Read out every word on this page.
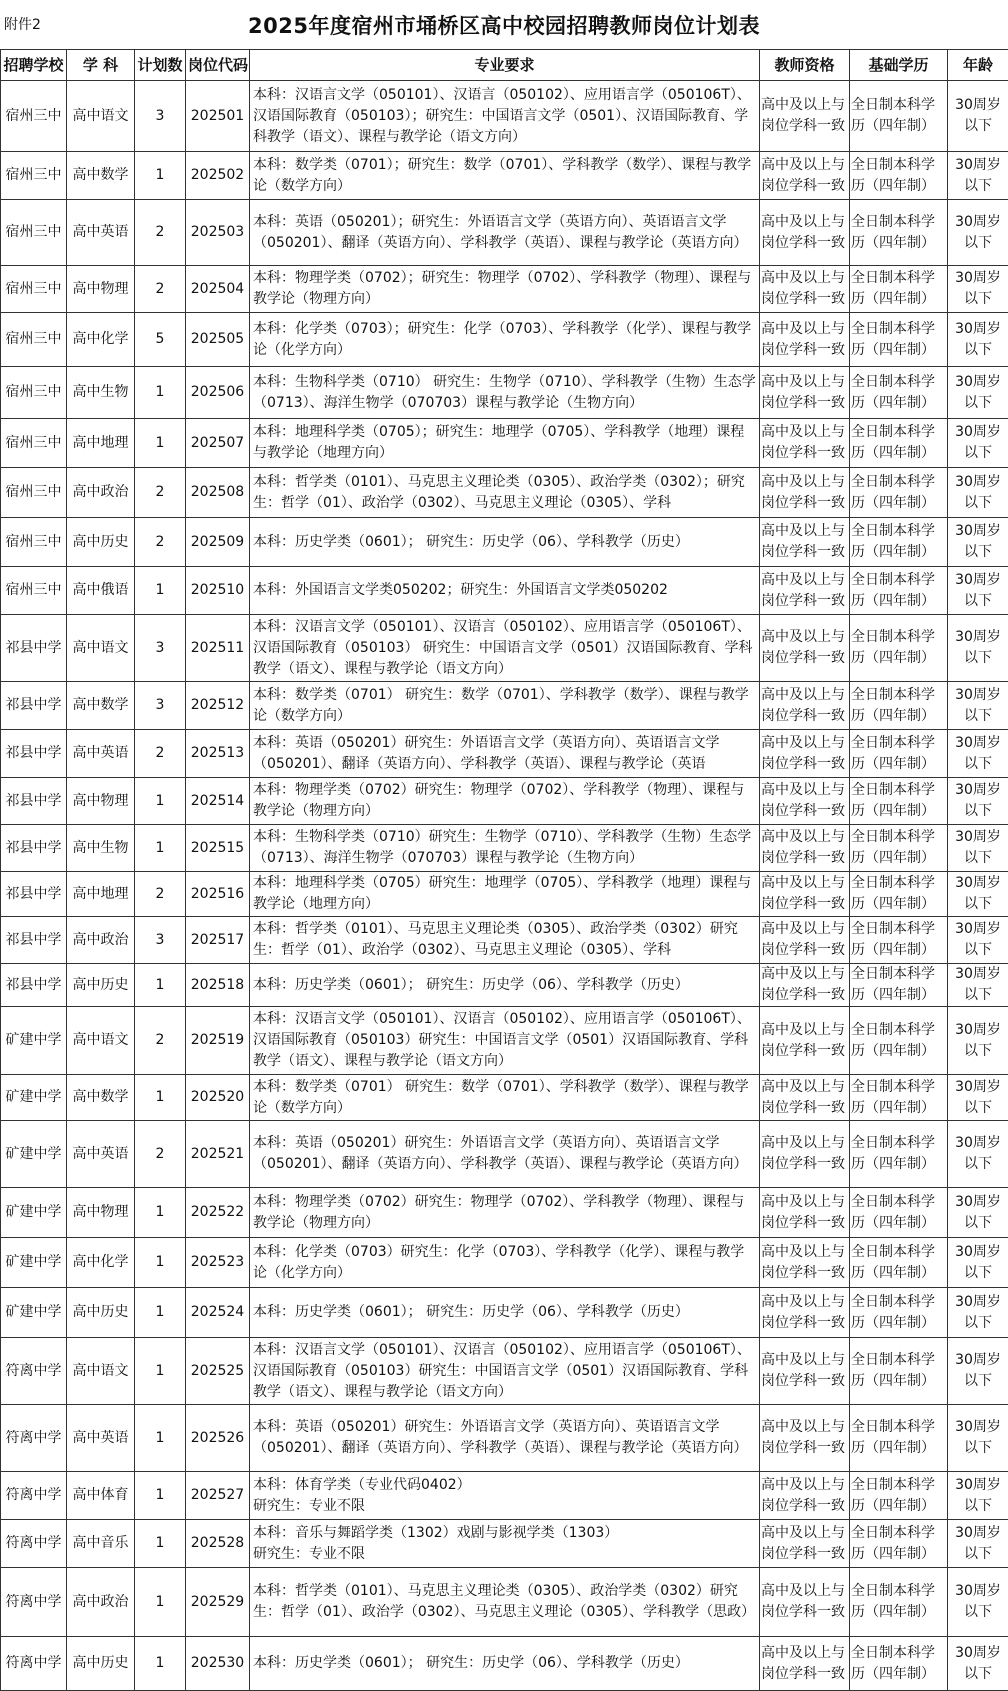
附件2	2025年度宿州市埇桥区高中校园招聘教师岗位计划表
招聘学校	学 科	计划数	岗位代码	专业要求	教师资格	基础学历	年龄
宿州三中	高中语文	3	202501	本科：汉语言文学（050101）、汉语言（050102）、应用语言学（050106T）、汉语国际教育（050103）；研究生：中国语言文学（0501）、汉语国际教育、学科教学（语文）、课程与教学论（语文方向）	高中及以上与岗位学科一致	全日制本科学历（四年制）	30周岁以下
宿州三中	高中数学	1	202502	本科：数学类（0701）；研究生：数学（0701）、学科教学（数学）、课程与教学论（数学方向）	高中及以上与岗位学科一致	全日制本科学历（四年制）	30周岁以下
宿州三中	高中英语	2	202503	本科：英语（050201）；研究生：外语语言文学（英语方向）、英语语言文学（050201）、翻译（英语方向）、学科教学（英语）、课程与教学论（英语方向）	高中及以上与岗位学科一致	全日制本科学历（四年制）	30周岁以下
宿州三中	高中物理	2	202504	本科：物理学类（0702）；研究生：物理学（0702）、学科教学（物理）、课程与教学论（物理方向）	高中及以上与岗位学科一致	全日制本科学历（四年制）	30周岁以下
宿州三中	高中化学	5	202505	本科：化学类（0703）；研究生：化学（0703）、学科教学（化学）、课程与教学论（化学方向）	高中及以上与岗位学科一致	全日制本科学历（四年制）	30周岁以下
宿州三中	高中生物	1	202506	本科：生物科学类（0710） 研究生：生物学（0710）、学科教学（生物）生态学（0713）、海洋生物学（070703）课程与教学论（生物方向）	高中及以上与岗位学科一致	全日制本科学历（四年制）	30周岁以下
宿州三中	高中地理	1	202507	本科：地理科学类（0705）；研究生：地理学（0705）、学科教学（地理）课程与教学论（地理方向）	高中及以上与岗位学科一致	全日制本科学历（四年制）	30周岁以下
宿州三中	高中政治	2	202508	本科：哲学类（0101）、马克思主义理论类（0305）、政治学类（0302）；研究生：哲学（01）、政治学（0302）、马克思主义理论（0305）、学科	高中及以上与岗位学科一致	全日制本科学历（四年制）	30周岁以下
宿州三中	高中历史	2	202509	本科：历史学类（0601）； 研究生：历史学（06）、学科教学（历史）	高中及以上与岗位学科一致	全日制本科学历（四年制）	30周岁以下
宿州三中	高中俄语	1	202510	本科：外国语言文学类050202；研究生：外国语言文学类050202	高中及以上与岗位学科一致	全日制本科学历（四年制）	30周岁以下
祁县中学	高中语文	3	202511	本科：汉语言文学（050101）、汉语言（050102）、应用语言学（050106T）、汉语国际教育（050103） 研究生：中国语言文学（0501）汉语国际教育、学科教学（语文）、课程与教学论（语文方向）	高中及以上与岗位学科一致	全日制本科学历（四年制）	30周岁以下
祁县中学	高中数学	3	202512	本科：数学类（0701） 研究生：数学（0701）、学科教学（数学）、课程与教学论（数学方向）	高中及以上与岗位学科一致	全日制本科学历（四年制）	30周岁以下
祁县中学	高中英语	2	202513	本科：英语（050201）研究生：外语语言文学（英语方向）、英语语言文学（050201）、翻译（英语方向）、学科教学（英语）、课程与教学论（英语	高中及以上与岗位学科一致	全日制本科学历（四年制）	30周岁以下
祁县中学	高中物理	1	202514	本科：物理学类（0702）研究生：物理学（0702）、学科教学（物理）、课程与教学论（物理方向）	高中及以上与岗位学科一致	全日制本科学历（四年制）	30周岁以下
祁县中学	高中生物	1	202515	本科：生物科学类（0710）研究生：生物学（0710）、学科教学（生物）生态学（0713）、海洋生物学（070703）课程与教学论（生物方向）	高中及以上与岗位学科一致	全日制本科学历（四年制）	30周岁以下
祁县中学	高中地理	2	202516	本科：地理科学类（0705）研究生：地理学（0705）、学科教学（地理）课程与教学论（地理方向）	高中及以上与岗位学科一致	全日制本科学历（四年制）	30周岁以下
祁县中学	高中政治	3	202517	本科：哲学类（0101）、马克思主义理论类（0305）、政治学类（0302）研究生：哲学（01）、政治学（0302）、马克思主义理论（0305）、学科	高中及以上与岗位学科一致	全日制本科学历（四年制）	30周岁以下
祁县中学	高中历史	1	202518	本科：历史学类（0601）； 研究生：历史学（06）、学科教学（历史）	高中及以上与岗位学科一致	全日制本科学历（四年制）	30周岁以下
矿建中学	高中语文	2	202519	本科：汉语言文学（050101）、汉语言（050102）、应用语言学（050106T）、汉语国际教育（050103）研究生：中国语言文学（0501）汉语国际教育、学科教学（语文）、课程与教学论（语文方向）	高中及以上与岗位学科一致	全日制本科学历（四年制）	30周岁以下
矿建中学	高中数学	1	202520	本科：数学类（0701） 研究生：数学（0701）、学科教学（数学）、课程与教学论（数学方向）	高中及以上与岗位学科一致	全日制本科学历（四年制）	30周岁以下
矿建中学	高中英语	2	202521	本科：英语（050201）研究生：外语语言文学（英语方向）、英语语言文学（050201）、翻译（英语方向）、学科教学（英语）、课程与教学论（英语方向）	高中及以上与岗位学科一致	全日制本科学历（四年制）	30周岁以下
矿建中学	高中物理	1	202522	本科：物理学类（0702）研究生：物理学（0702）、学科教学（物理）、课程与教学论（物理方向）	高中及以上与岗位学科一致	全日制本科学历（四年制）	30周岁以下
矿建中学	高中化学	1	202523	本科：化学类（0703）研究生：化学（0703）、学科教学（化学）、课程与教学论（化学方向）	高中及以上与岗位学科一致	全日制本科学历（四年制）	30周岁以下
矿建中学	高中历史	1	202524	本科：历史学类（0601）； 研究生：历史学（06）、学科教学（历史）	高中及以上与岗位学科一致	全日制本科学历（四年制）	30周岁以下
符离中学	高中语文	1	202525	本科：汉语言文学（050101）、汉语言（050102）、应用语言学（050106T）、汉语国际教育（050103）研究生：中国语言文学（0501）汉语国际教育、学科教学（语文）、课程与教学论（语文方向）	高中及以上与岗位学科一致	全日制本科学历（四年制）	30周岁以下
符离中学	高中英语	1	202526	本科：英语（050201）研究生：外语语言文学（英语方向）、英语语言文学（050201）、翻译（英语方向）、学科教学（英语）、课程与教学论（英语方向）	高中及以上与岗位学科一致	全日制本科学历（四年制）	30周岁以下
符离中学	高中体育	1	202527	本科：体育学类（专业代码0402）
研究生：专业不限	高中及以上与岗位学科一致	全日制本科学历（四年制）	30周岁以下
符离中学	高中音乐	1	202528	本科：音乐与舞蹈学类（1302）戏剧与影视学类（1303）
研究生：专业不限	高中及以上与岗位学科一致	全日制本科学历（四年制）	30周岁以下
符离中学	高中政治	1	202529	本科：哲学类（0101）、马克思主义理论类（0305）、政治学类（0302）研究生：哲学（01）、政治学（0302）、马克思主义理论（0305）、学科教学（思政）	高中及以上与岗位学科一致	全日制本科学历（四年制）	30周岁以下
符离中学	高中历史	1	202530	本科：历史学类（0601）； 研究生：历史学（06）、学科教学（历史）	高中及以上与岗位学科一致	全日制本科学历（四年制）	30周岁以下
